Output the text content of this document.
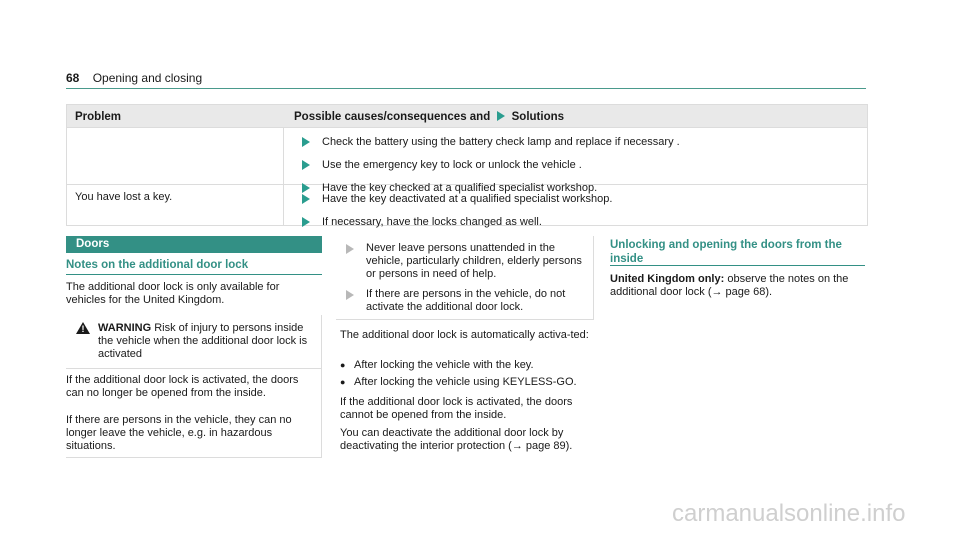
68 Opening and closing
Problem	Possible causes/consequences and Solutions
Check the battery using the battery check lamp and replace if necessary .
Use the emergency key to lock or unlock the vehicle .
Have the key checked at a qualified specialist workshop.
You have lost a key.	Have the key deactivated at a qualified specialist workshop.
If necessary, have the locks changed as well.
Doors
Notes on the additional door lock
The additional door lock is only available for vehicles for the United Kingdom.
! WARNING Risk of injury to persons inside the vehicle when the additional door lock is activated
If the additional door lock is activated, the doors can no longer be opened from the inside.
If there are persons in the vehicle, they can no longer leave the vehicle, e.g. in hazardous situations.
Never leave persons unattended in the vehicle, particularly children, elderly persons or persons in need of help.
If there are persons in the vehicle, do not activate the additional door lock.
The additional door lock is automatically activa-ted:
● After locking the vehicle with the key.
● After locking the vehicle using KEYLESS-GO.
If the additional door lock is activated, the doors cannot be opened from the inside.
You can deactivate the additional door lock by deactivating the interior protection (→ page 89).
Unlocking and opening the doors from the inside
United Kingdom only: observe the notes on the additional door lock (→ page 68).
carmanualsonline.info
